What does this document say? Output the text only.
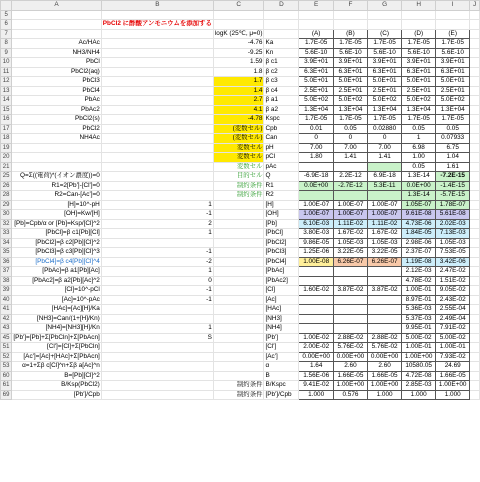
	A	B	C	D	E	F	G	H	I	J
5										
6		PbCl2 に酢酸アンモニウムを添加する								
7			logK (25℃, μ=0)		(A)	(B)	(C)	(D)	(E)	
8	Ac/HAc		-4.76	Ka	1.7E-05	1.7E-05	1.7E-05	1.7E-05	1.7E-05	
9	NH3/NH4		-9.25	Kn	5.6E-10	5.6E-10	5.6E-10	5.6E-10	5.6E-10	
10	PbCl		1.59	β c1	3.9E+01	3.9E+01	3.9E+01	3.9E+01	3.9E+01	
11	PbCl2(aq)		1.8	β c2	6.3E+01	6.3E+01	6.3E+01	6.3E+01	6.3E+01	
12	PbCl3		1.7	β c3	5.0E+01	5.0E+01	5.0E+01	5.0E+01	5.0E+01	
13	PbCl4		1.4	β c4	2.5E+01	2.5E+01	2.5E+01	2.5E+01	2.5E+01	
14	PbAc		2.7	β a1	5.0E+02	5.0E+02	5.0E+02	5.0E+02	5.0E+02	
15	PbAc2		4.1	β a2	1.3E+04	1.3E+04	1.3E+04	1.3E+04	1.3E+04	
16	PbCl2(s)		-4.78	Kspc	1.7E-05	1.7E-05	1.7E-05	1.7E-05	1.7E-05	
17	PbCl2		(変数セル)	Cpb	0.01	0.05	0.02880	0.05	0.05	
18	NH4Ac		(変数セル)	Can	0	0	0	1	0.07933	
19			変数セル	pH	7.00	7.00	7.00	6.98	6.75	
20			変数セル	pCl	1.80	1.41	1.41	1.00	1.04	
21			変数セル	pAc				0.05	1.61	
25	Q=Σ((電荷)*(イオン濃度))=0		目的セル	Q	-6.9E-18	2.2E-12	6.9E-18	1.3E-14	-7.2E-15	
26	R1=2[Pb']-[Cl']=0		制約条件	R1	0.0E+00	-2.7E-12	5.3E-11	0.0E+00	-1.4E-15	
28	R2=Can-[Ac']=0		制約条件	R2				1.3E-14	-5.7E-15	
29	[H]=10^-pH	1		[H]	1.00E-07	1.00E-07	1.00E-07	1.05E-07	1.78E-07	
30	[OH]=Kw/[H]	-1		[OH]	1.00E-07	1.00E-07	1.00E-07	9.61E-08	5.61E-08	
32	[Pb]=Cpb/α or [Pb]=Ksp/[Cl]^2	2		[Pb]	6.10E-03	1.11E-02	1.11E-02	4.73E-06	2.02E-03	
33	[PbCl]=β c1[Pb][Cl]	1		[PbCl]	3.80E-03	1.67E-02	1.67E-02	1.84E-05	7.13E-03	
34	[PbCl2]=β c2[Pb][Cl]^2			[PbCl2]	9.86E-05	1.05E-03	1.05E-03	2.98E-06	1.05E-03	
35	[PbCl3]=β c3[Pb][Cl]^3	-1		[PbCl3]	1.25E-06	3.22E-05	3.22E-05	2.37E-07	7.53E-05	
36	[PbCl4]=β c4[Pb][Cl]^4	-2		[PbCl4]	1.00E-08	6.26E-07	6.26E-07	1.19E-08	3.42E-06	
37	[PbAc]=β a1[Pb][Ac]	1		[PbAc]				2.12E-03	2.47E-02	
38	[PbAc2]=β a2[Pb][Ac]^2	0		[PbAc2]				4.78E-02	1.51E-02	
39	[Cl]=10^-pCl	-1		[Cl]	1.60E-02	3.87E-02	3.87E-02	1.00E-01	9.05E-02	
40	[Ac]=10^-pAc	-1		[Ac]				8.97E-01	2.43E-02	
41	[HAc]=[Ac][H]/Ka			[HAc]				5.36E-03	2.55E-04	
42	[NH3]=Can/(1+[H]/Kn)			[NH3]				5.37E-03	2.49E-04	
43	[NH4]=[NH3][H]/Kn	1		[NH4]				9.95E-01	7.91E-02	
45	[Pb']=[Pb]+Σ[PbCln]+Σ[PbAcn]	S		[Pb']	1.00E-02	2.88E-02	2.88E-02	5.00E-02	5.00E-02	
51	[Cl']=[Cl]+Σ[PbCln]			[Cl']	2.00E-02	5.76E-02	5.76E-02	1.00E-01	1.00E-01	
52	[Ac']=[Ac]+[HAc]+Σ[PbAcn]			[Ac']	0.00E+00	0.00E+00	0.00E+00	1.00E+00	7.93E-02	
53	α=1+Σβ c[Cl]^n+Σβ a[Ac]^n			α	1.64	2.60	2.60	10580.05	24.69	
60	B=[Pb][Cl]^2			B	1.56E-06	1.66E-05	1.66E-05	4.72E-08	1.66E-05	
61	B/Ksp(PbCl2)		制約条件	B/Kspc	9.41E-02	1.00E+00	1.00E+00	2.85E-03	1.00E+00	
69	[Pb']/Cpb		制約条件	[Pb']/Cpb	1.000	0.576	1.000	1.000	1.000	
